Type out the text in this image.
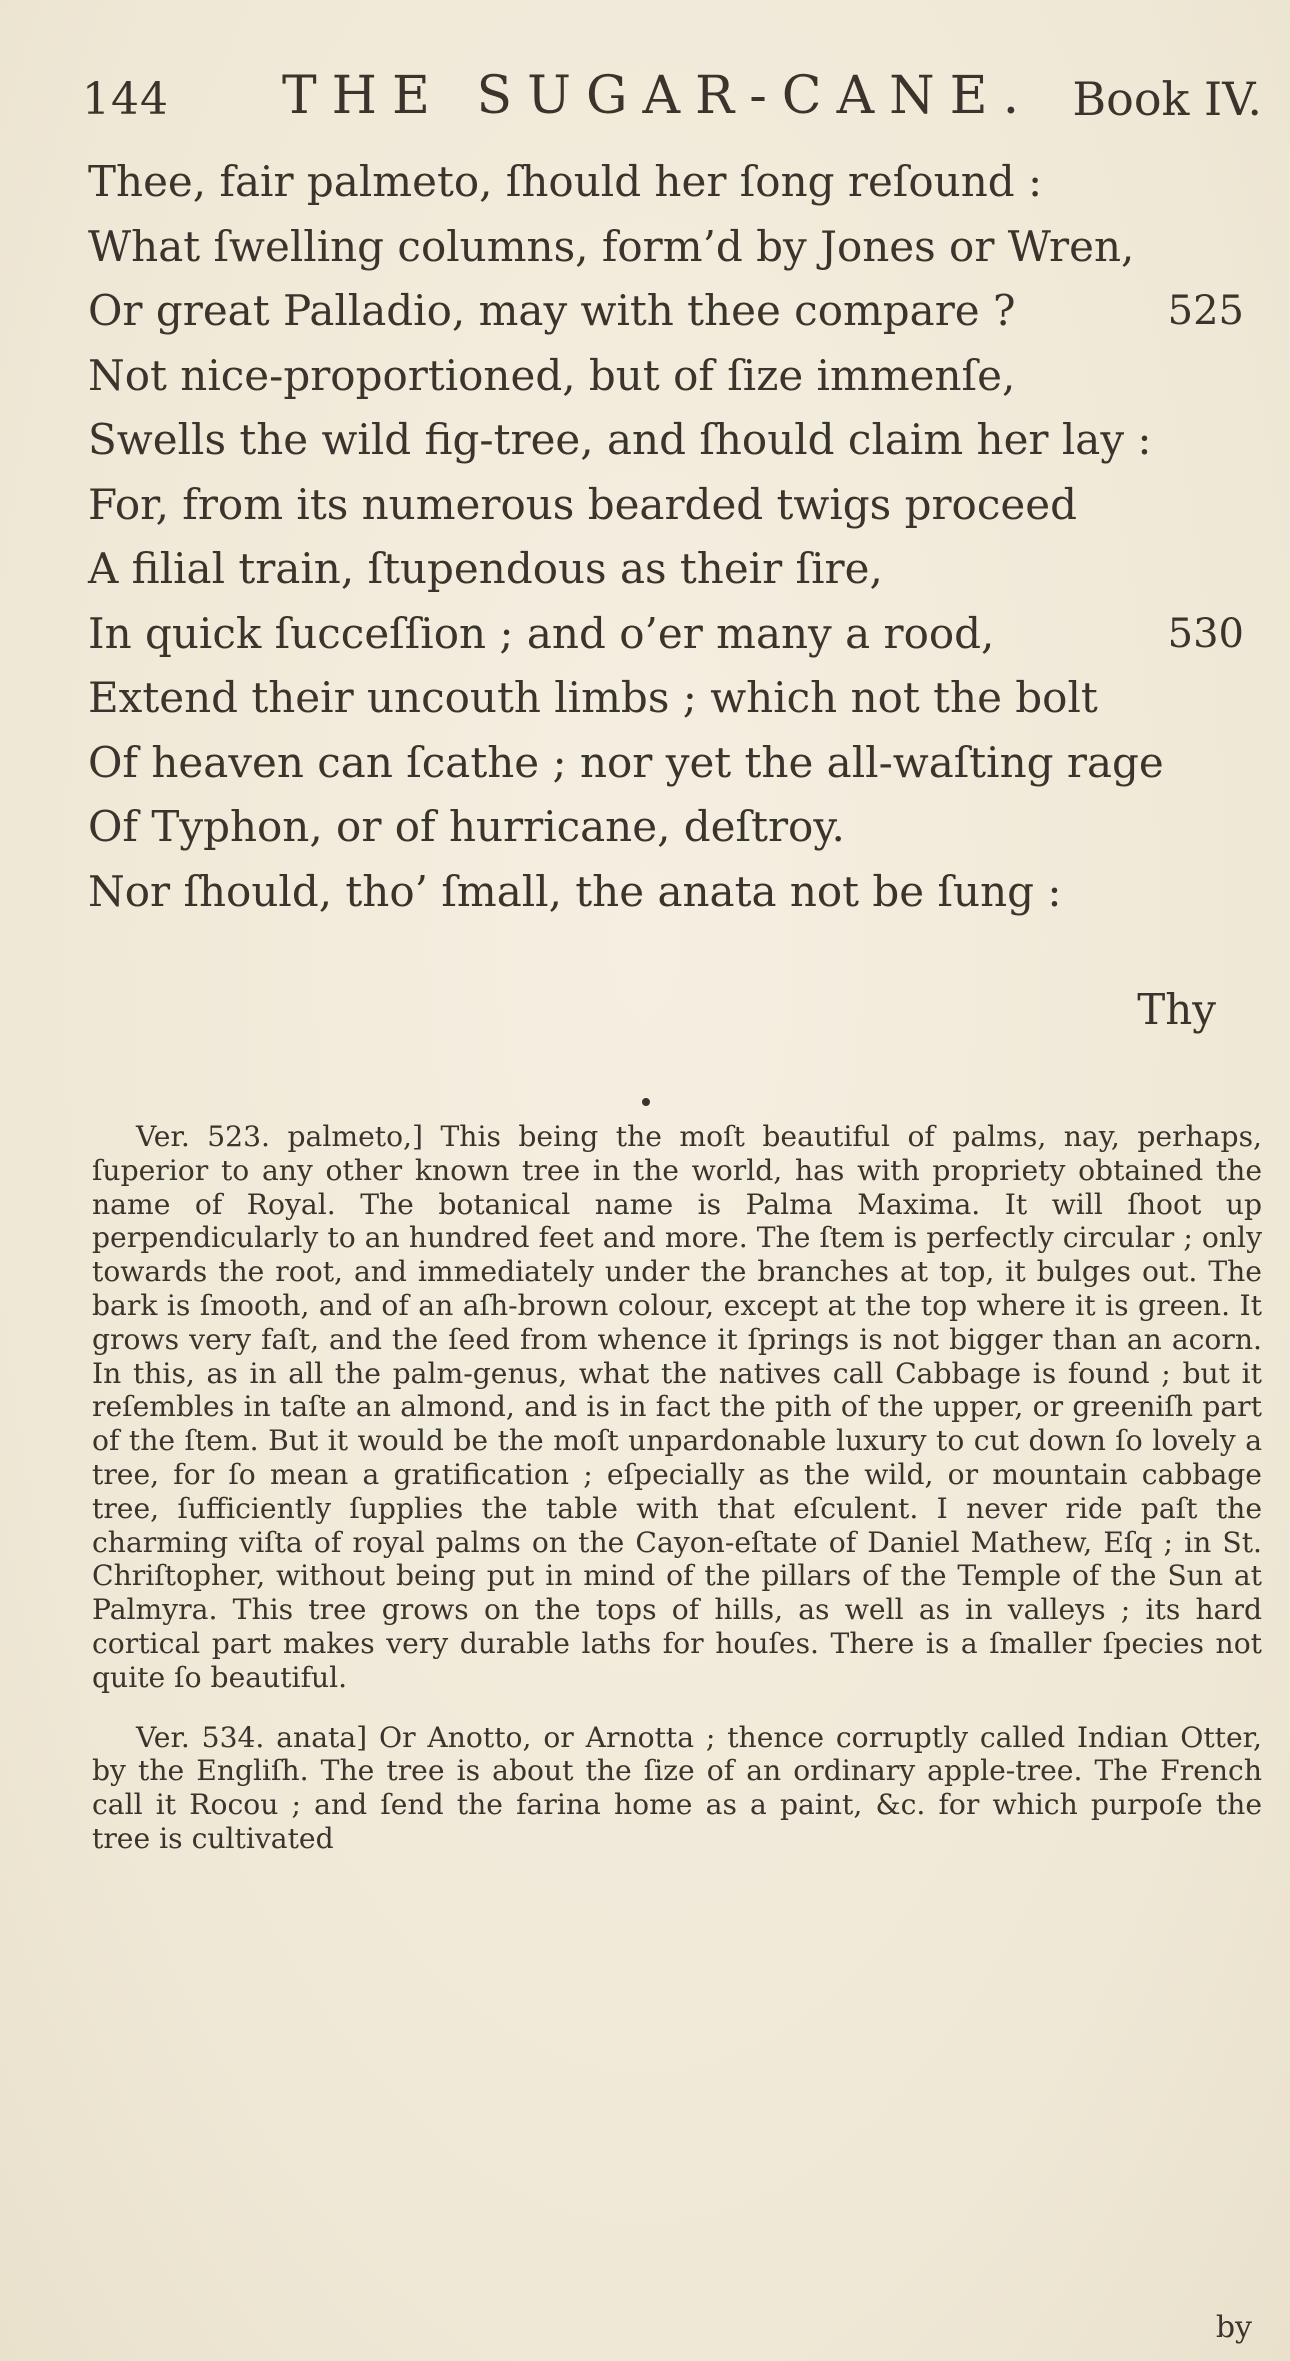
144 THE SUGAR-CANE. Book IV.
Thee, fair palmeto, ſhould her ſong reſound :
What ſwelling columns, form’d by Jones or Wren,
Or great Palladio, may with thee compare ?	525
Not nice-proportioned, but of ſize immenſe,
Swells the wild fig-tree, and ſhould claim her lay :
For, from its numerous bearded twigs proceed
A filial train, ſtupendous as their ſire,
In quick ſucceſſion ; and o’er many a rood,	530
Extend their uncouth limbs ; which not the bolt
Of heaven can ſcathe ; nor yet the all-waſting rage
Of Typhon, or of hurricane, deſtroy.
Nor ſhould, tho’ ſmall, the anata not be ſung :
Thy

Ver. 523. palmeto,] This being the moſt beautiful of palms, nay, perhaps, ſuperior to any other known tree in the world, has with propriety obtained the name of Royal. The botanical name is Palma Maxima. It will ſhoot up perpendicularly to an hundred feet and more. The ſtem is perfectly circular ; only towards the root, and immediately under the branches at top, it bulges out. The bark is ſmooth, and of an aſh-brown colour, except at the top where it is green. It grows very faſt, and the ſeed from whence it ſprings is not bigger than an acorn. In this, as in all the palm-genus, what the natives call Cabbage is found ; but it reſembles in taſte an almond, and is in fact the pith of the upper, or greeniſh part of the ſtem. But it would be the moſt unpardonable luxury to cut down ſo lovely a tree, for ſo mean a gratification ; eſpecially as the wild, or mountain cabbage tree, ſufficiently ſupplies the table with that eſculent. I never ride paſt the charming viſta of royal palms on the Cayon-eſtate of Daniel Mathew, Eſq ; in St. Chriſtopher, without being put in mind of the pillars of the Temple of the Sun at Palmyra. This tree grows on the tops of hills, as well as in valleys ; its hard cortical part makes very durable laths for houſes. There is a ſmaller ſpecies not quite ſo beautiful.

Ver. 534. anata] Or Anotto, or Arnotta ; thence corruptly called Indian Otter, by the Engliſh. The tree is about the ſize of an ordinary apple-tree. The French call it Rocou ; and ſend the farina home as a paint, &c. for which purpoſe the tree is cultivated

by
